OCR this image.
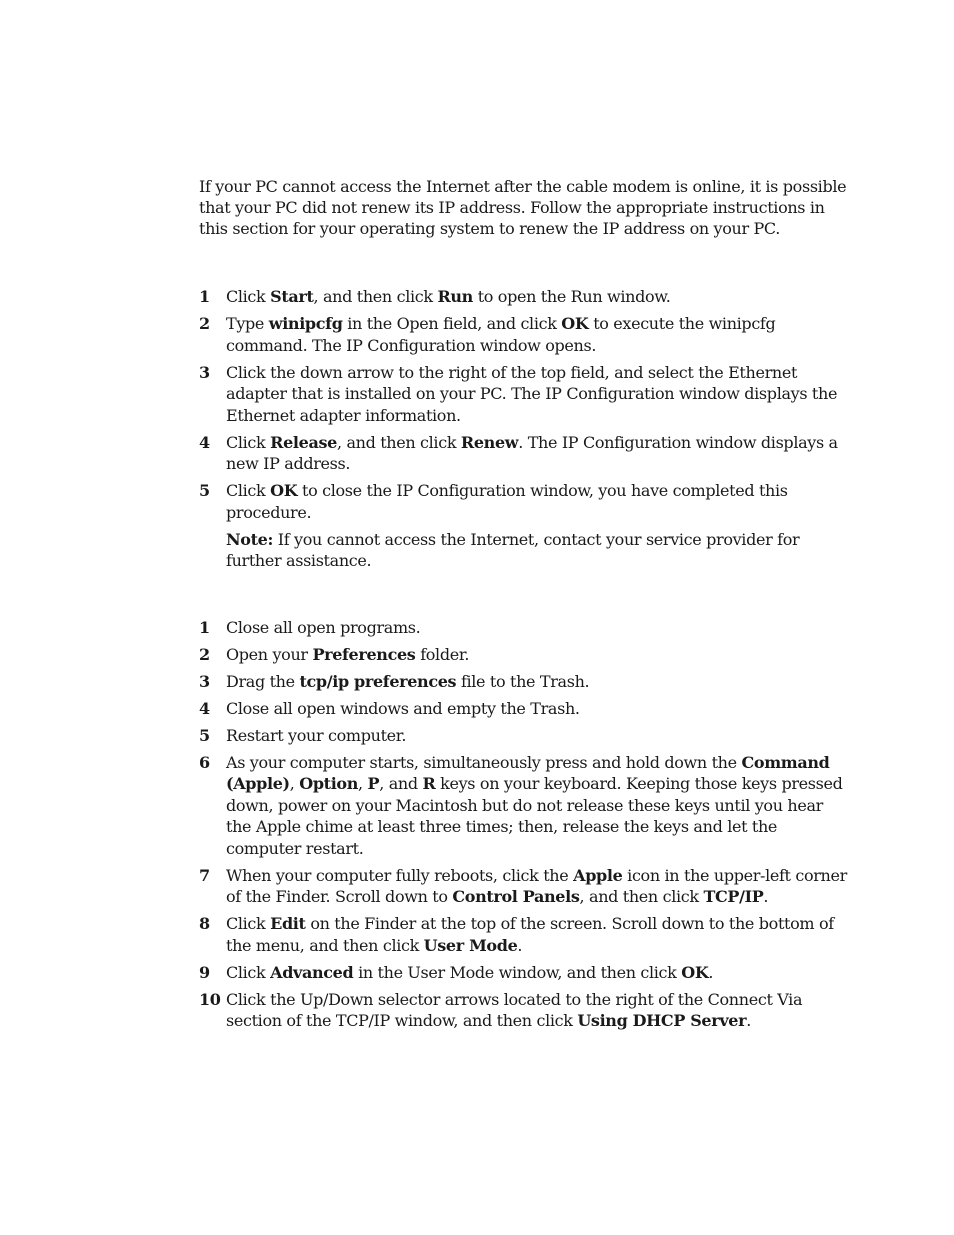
If your PC cannot access the Internet after the cable modem is online, it is possible that your PC did not renew its IP address. Follow the appropriate instructions in this section for your operating system to renew the IP address on your PC.

1 Click Start, and then click Run to open the Run window.
2 Type winipcfg in the Open field, and click OK to execute the winipcfg command. The IP Configuration window opens.
3 Click the down arrow to the right of the top field, and select the Ethernet adapter that is installed on your PC. The IP Configuration window displays the Ethernet adapter information.
4 Click Release, and then click Renew. The IP Configuration window displays a new IP address.
5 Click OK to close the IP Configuration window, you have completed this procedure.
Note: If you cannot access the Internet, contact your service provider for further assistance.
1 Close all open programs.
2 Open your Preferences folder.
3 Drag the tcp/ip preferences file to the Trash.
4 Close all open windows and empty the Trash.
5 Restart your computer.
6 As your computer starts, simultaneously press and hold down the Command (Apple), Option, P, and R keys on your keyboard. Keeping those keys pressed down, power on your Macintosh but do not release these keys until you hear the Apple chime at least three times; then, release the keys and let the computer restart.
7 When your computer fully reboots, click the Apple icon in the upper-left corner of the Finder. Scroll down to Control Panels, and then click TCP/IP.
8 Click Edit on the Finder at the top of the screen. Scroll down to the bottom of the menu, and then click User Mode.
9 Click Advanced in the User Mode window, and then click OK.
10 Click the Up/Down selector arrows located to the right of the Connect Via section of the TCP/IP window, and then click Using DHCP Server.
